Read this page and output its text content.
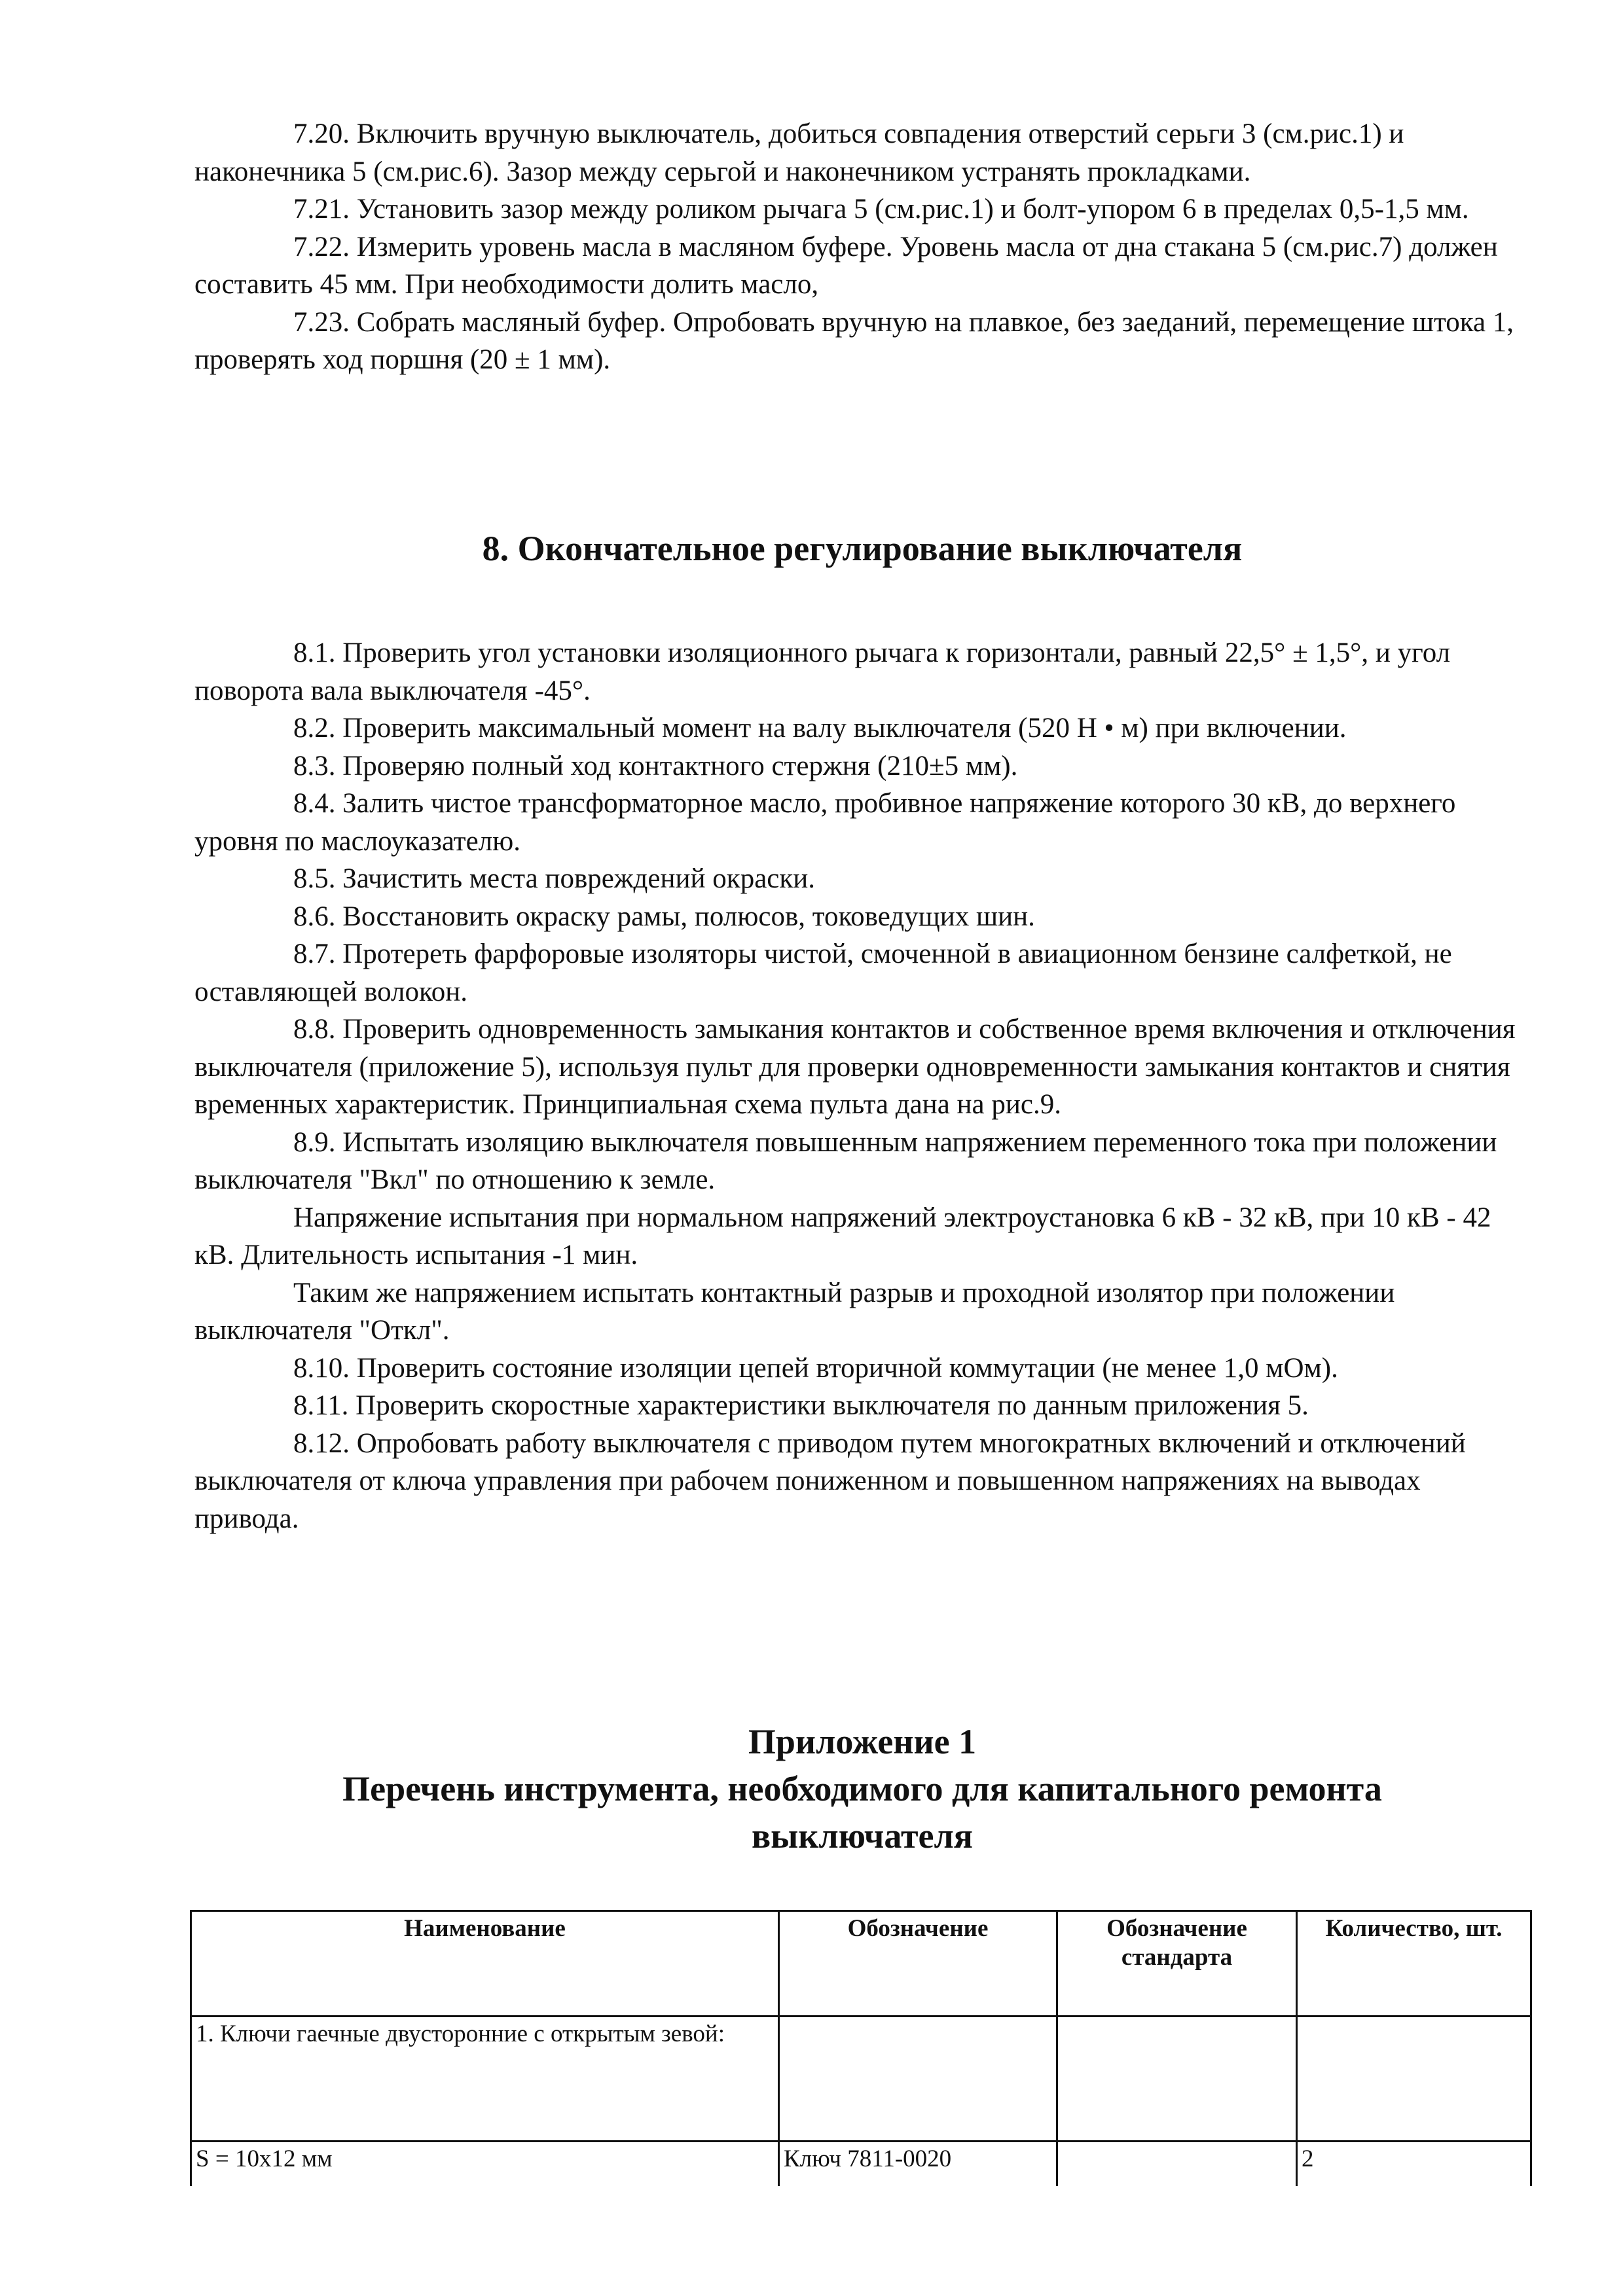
7.20. Включить вручную выключатель, добиться совпадения отверстий серьги 3 (см.рис.1) и наконечника 5 (см.рис.6). Зазор между серьгой и наконечником устранять прокладками.

7.21. Установить зазор между роликом рычага 5 (см.рис.1) и болт-упором 6 в пределах 0,5-1,5 мм.

7.22. Измерить уровень масла в масляном буфере. Уровень масла от дна стакана 5 (см.рис.7) должен составить 45 мм. При необходимости долить масло,

7.23. Собрать масляный буфер. Опробовать вручную на плавкое, без заеданий, перемещение штока 1, проверять ход поршня (20 ± 1 мм).

8. Окончательное регулирование выключателя

8.1. Проверить угол установки изоляционного рычага к горизонтали, равный 22,5° ± 1,5°, и угол поворота вала выключателя -45°.

8.2. Проверить максимальный момент на валу выключателя (520 Н • м) при включении.

8.3. Проверяю полный ход контактного стержня (210±5 мм).

8.4. Залить чистое трансформаторное масло, пробивное напряжение которого 30 кВ, до верхнего уровня по маслоуказателю.

8.5. Зачистить места повреждений окраски.

8.6. Восстановить окраску рамы, полюсов, токоведущих шин.

8.7. Протереть фарфоровые изоляторы чистой, смоченной в авиационном бензине салфеткой, не оставляющей волокон.

8.8. Проверить одновременность замыкания контактов и собственное время включения и отключения выключателя (приложение 5), используя пульт для проверки одновременности замыкания контактов и снятия временных характеристик. Принципиальная схема пульта дана на рис.9.

8.9. Испытать изоляцию выключателя повышенным напряжением переменного тока при положении выключателя "Вкл" по отношению к земле.

Напряжение испытания при нормальном напряжений электроустановка 6 кВ - 32 кВ, при 10 кВ - 42 кВ. Длительность испытания -1 мин.

Таким же напряжением испытать контактный разрыв и проходной изолятор при положении выключателя "Откл".

8.10. Проверить состояние изоляции цепей вторичной коммутации (не менее 1,0 мОм).

8.11. Проверить скоростные характеристики выключателя по данным приложения 5.

8.12. Опробовать работу выключателя с приводом путем многократных включений и отключений выключателя от ключа управления при рабочем пониженном и повышенном напряжениях на выводах привода.

Приложение 1
Перечень инструмента, необходимого для капитального ремонта
выключателя
Наименование	Обозначение	Обозначение стандарта	Количество, шт.
1. Ключи гаечные двусторонние с открытым зевой:			
S = 10х12 мм	Ключ 7811-0020		2
